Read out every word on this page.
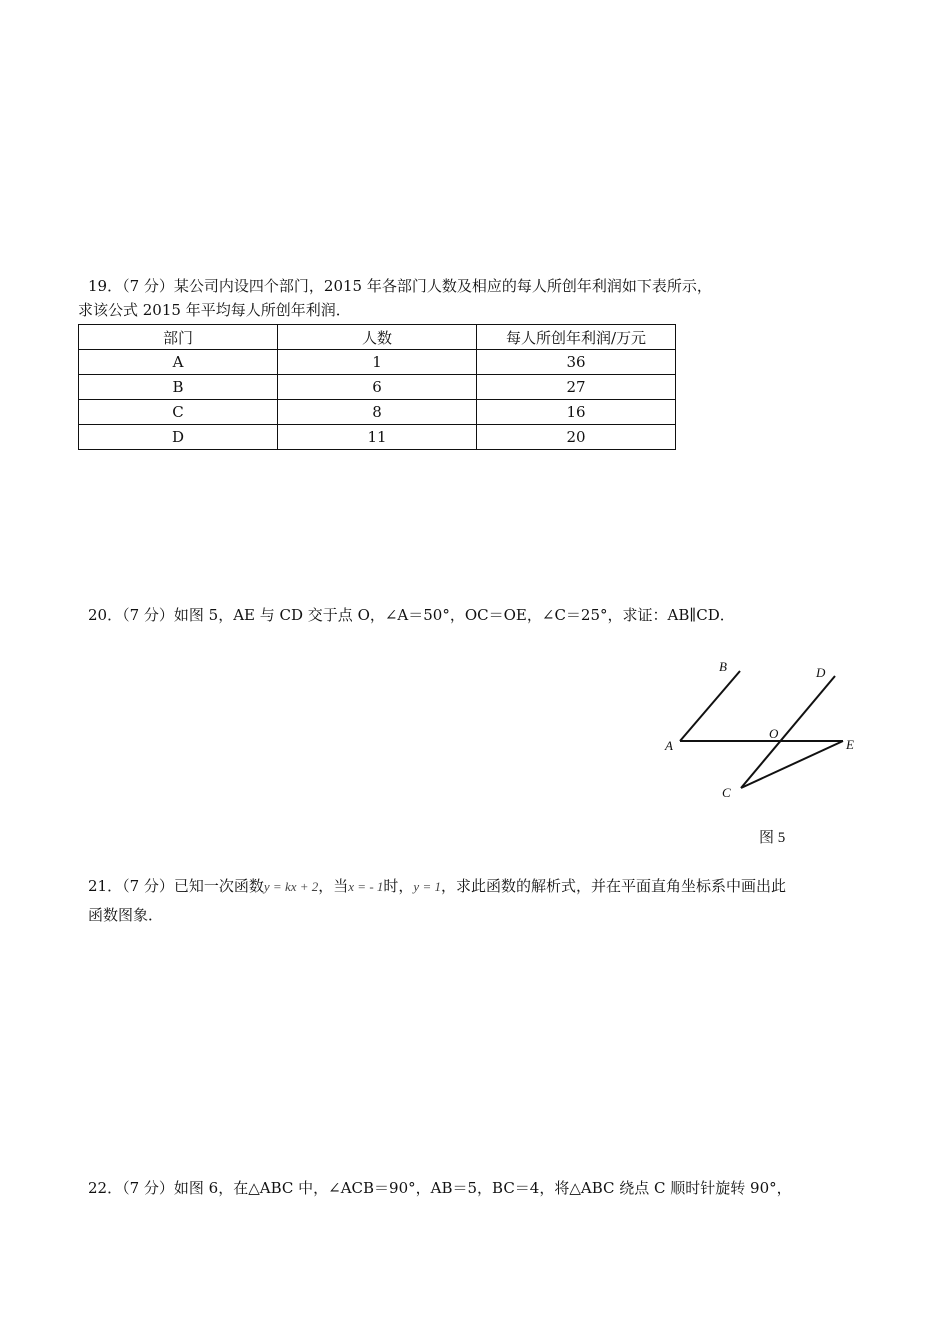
19．（7 分）某公司内设四个部门，2015 年各部门人数及相应的每人所创年利润如下表所示，
求该公式 2015 年平均每人所创年利润．
部门	人数	每人所创年利润/万元
A	1	36
B	6	27
C	8	16
D	11	20
20．（7 分）如图 5，AE 与 CD 交于点 O，∠A＝50°，OC＝OE，∠C＝25°，求证：AB∥CD．
B	D
A
O
E
C
图 5
21．（7 分）已知一次函数y = kx + 2，当x = - 1时，y = 1，求此函数的解析式，并在平面直角坐标系中画出此
函数图象．
22．（7 分）如图 6，在△ABC 中，∠ACB＝90°，AB＝5，BC＝4，将△ABC 绕点 C 顺时针旋转 90°，
